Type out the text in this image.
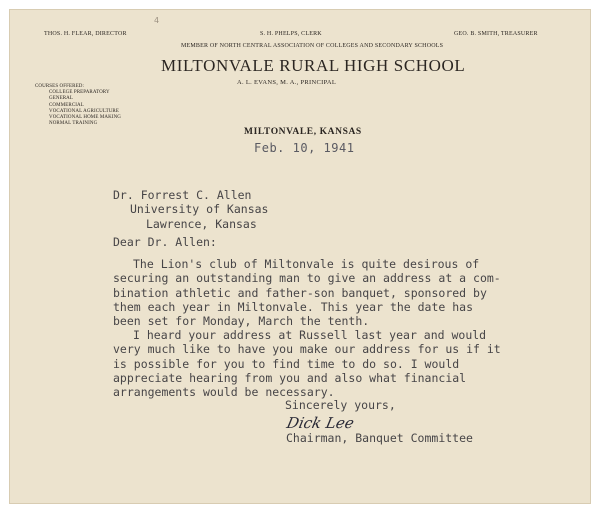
THOS. H. FLEAR, DIRECTOR	S. H. PHELPS, CLERK	GEO. B. SMITH, TREASURER
4
MEMBER OF NORTH CENTRAL ASSOCIATION OF COLLEGES AND SECONDARY SCHOOLS
MILTONVALE RURAL HIGH SCHOOL
A. L. EVANS, M. A., PRINCIPAL
COURSES OFFERED:
COLLEGE PREPARATORY
GENERAL
COMMERCIAL
VOCATIONAL AGRICULTURE
VOCATIONAL HOME MAKING
NORMAL TRAINING
MILTONVALE, KANSAS
Feb. 10, 1941

Dr. Forrest C. Allen

University of Kansas

Lawrence, Kansas

Dear Dr. Allen:

The Lion's club of Miltonvale is quite desirous of

securing an outstanding man to give an address at a com-

bination athletic and father-son banquet, sponsored by

them each year in Miltonvale. This year the date has

been set for Monday, March the tenth.

I heard your address at Russell last year and would

very much like to have you make our address for us if it

is possible for you to find time to do so. I would

appreciate hearing from you and also what financial

arrangements would be necessary.

Sincerely yours,
Dick Lee
Chairman, Banquet Committee
